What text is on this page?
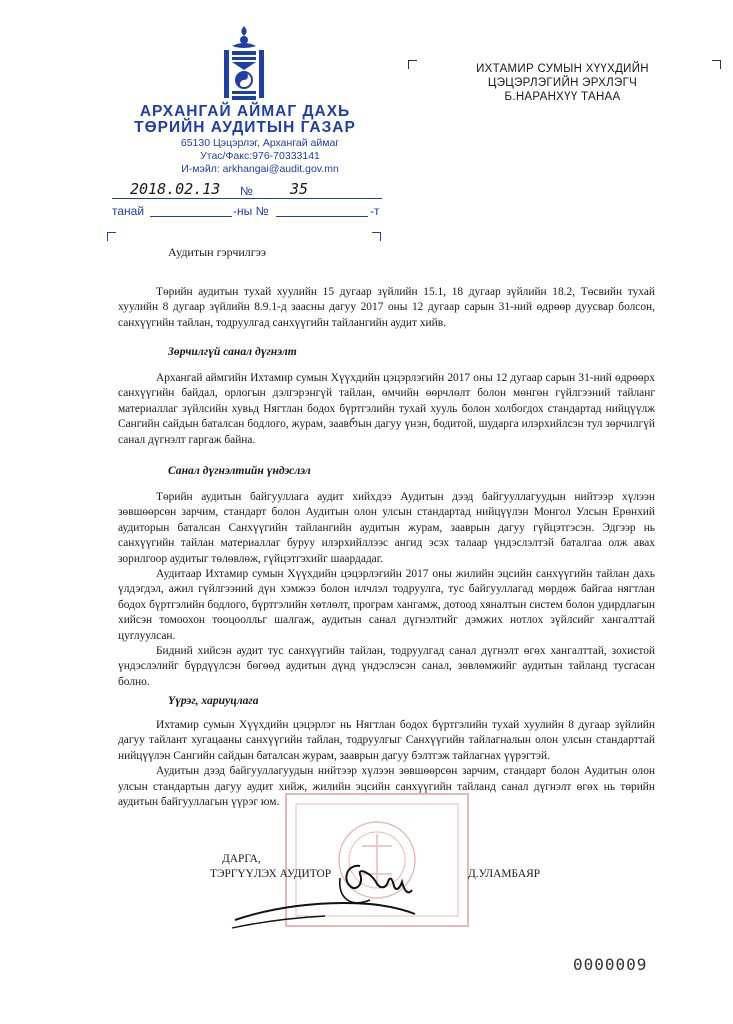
АРХАНГАЙ АЙМАГ ДАХЬ
ТӨРИЙН АУДИТЫН ГАЗАР
65130 Цэцэрлэг, Архангай аймаг
Утас/Факс:976-70333141
И-мэйл: arkhangai@audit.gov.mn
2018.02.13 № 35
танай	-ны №	-т
ИХТАМИР СУМЫН ХҮҮХДИЙН
ЦЭЦЭРЛЭГИЙН ЭРХЛЭГЧ
Б.НАРАНХҮҮ ТАНАА
Аудитын гэрчилгээ

Төрийн аудитын тухай хуулийн 15 дугаар зүйлийн 15.1, 18 дугаар зүйлийн 18.2, Төсвийн тухай хуулийн 8 дугаар зүйлийн 8.9.1-д заасны дагуу 2017 оны 12 дугаар сарын 31-ний өдрөөр дуусвар болсон, санхүүгийн тайлан, тодруулгад санхүүгийн тайлангийн аудит хийв.

Зөрчилгүй санал дүгнэлт

Архангай аймгийн Ихтамир сумын Хүүхдийн цэцэрлэгийн 2017 оны 12 дугаар сарын 31-ний өдрөөрх санхүүгийн байдал, орлогын дэлгэрэнгүй тайлан, өмчийн өөрчлөлт болон мөнгөн гүйлгээний тайланг материаллаг зүйлсийн хувьд Нягтлан бодох бүртгэлийн тухай хууль болон холбогдох стандартад нийцүүлж Сангийн сайдын баталсан бодлого, журам, заавრын дагуу үнэн, бодитой, шударга илэрхийлсэн тул зөрчилгүй санал дүгнэлт гаргаж байна.

Санал дүгнэлтийн үндэслэл

Төрийн аудитын байгууллага аудит хийхдээ Аудитын дээд байгууллагуудын нийтээр хүлээн зөвшөөрсөн зарчим, стандарт болон Аудитын олон улсын стандартад нийцүүлэн Монгол Улсын Ерөнхий аудиторын баталсан Санхүүгийн тайлангийн аудитын журам, зааврын дагуу гүйцэтгэсэн. Эдгээр нь санхүүгийн тайлан материаллаг буруу илэрхийллээс ангид эсэх талаар үндэслэлтэй баталгаа олж авах зорилгоор аудитыг төлөвлөж, гүйцэтгэхийг шаардадаг.

Аудитаар Ихтамир сумын Хүүхдийн цэцэрлэгийн 2017 оны жилийн эцсийн санхүүгийн тайлан дахь үлдэгдэл, ажил гүйлгээний дүн хэмжээ болон илчлэл тодруулга, тус байгууллагад мөрдөж байгаа нягтлан бодох бүртгэлийн бодлого, бүртгэлийн хөтлөлт, програм хангамж, дотоод хяналтын систем болон удирдлагын хийсэн томоохон тооцоолльг шалгаж, аудитын санал дүгнэлтийг дэмжих нотлох зүйлсийг хангалттай цуглуулсан.

Бидний хийсэн аудит тус санхүүгийн тайлан, тодруулгад санал дүгнэлт өгөх хангалттай, зохистой үндэслэлийг бүрдүүлсэн бөгөөд аудитын дүнд үндэслэсэн санал, зөвлөмжийг аудитын тайланд тусгасан болно.

Үүрэг, хариуцлага

Ихтамир сумын Хүүхдийн цэцэрлэг нь Нягтлан бодох бүртгэлийн тухай хуулийн 8 дугаар зүйлийн дагуу тайлант хугацааны санхүүгийн тайлан, тодруулгыг Санхүүгийн тайлагналын олон улсын стандарттай нийцүүлэн Сангийн сайдын баталсан журам, зааврын дагуу бэлтгэж тайлагнах үүрэгтэй.

Аудитын дээд байгууллагуудын нийтээр хүлээн зөвшөөрсөн зарчим, стандарт болон Аудитын олон улсын стандартын дагуу аудит хийж, жилийн эцсийн санхүүгийн тайланд санал дүгнэлт өгөх нь төрийн аудитын байгууллагын үүрэг юм.

ДАРГА,
ТЭРГҮҮЛЭХ АУДИТОР	Д.УЛАМБАЯР
0000009
